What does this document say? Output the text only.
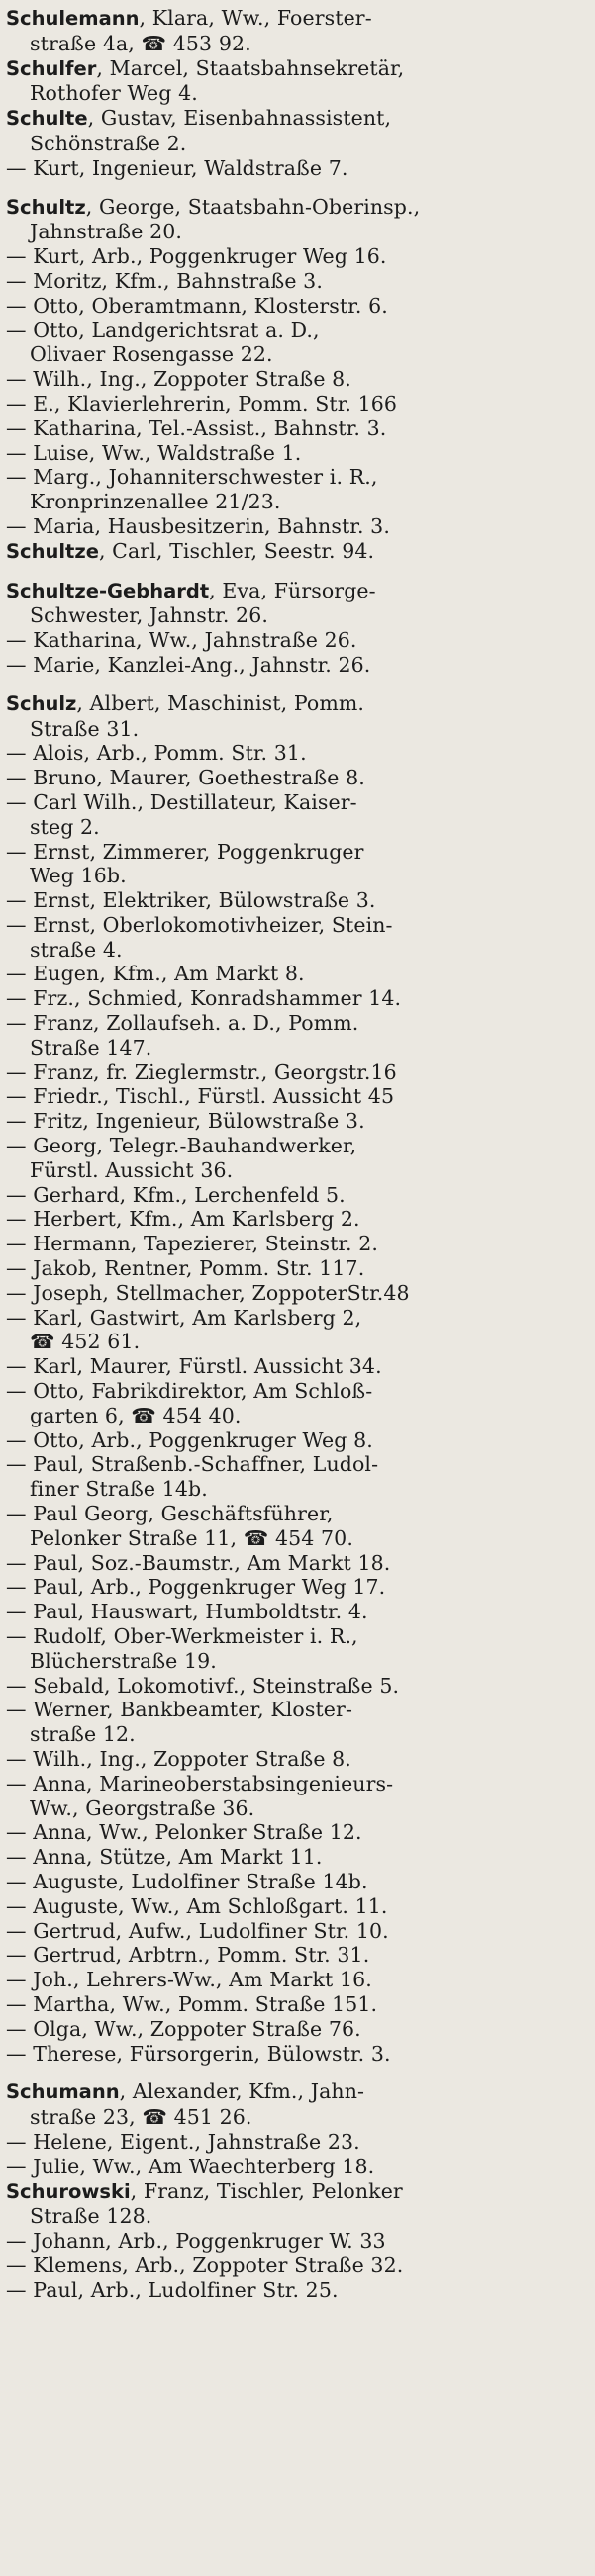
Schulemann, Klara, Ww., Foerster-
straße 4a, ☎ 453 92.
Schulfer, Marcel, Staatsbahnsekretär,
Rothofer Weg 4.
Schulte, Gustav, Eisenbahnassistent,
Schönstraße 2.
— Kurt, Ingenieur, Waldstraße 7.
Schultz, George, Staatsbahn-Oberinsp.,
Jahnstraße 20.
— Kurt, Arb., Poggenkruger Weg 16.
— Moritz, Kfm., Bahnstraße 3.
— Otto, Oberamtmann, Klosterstr. 6.
— Otto, Landgerichtsrat a. D.,
Olivaer Rosengasse 22.
— Wilh., Ing., Zoppoter Straße 8.
— E., Klavierlehrerin, Pomm. Str. 166
— Katharina, Tel.-Assist., Bahnstr. 3.
— Luise, Ww., Waldstraße 1.
— Marg., Johanniterschwester i. R.,
Kronprinzenallee 21/23.
— Maria, Hausbesitzerin, Bahnstr. 3.
Schultze, Carl, Tischler, Seestr. 94.
Schultze-Gebhardt, Eva, Fürsorge-
Schwester, Jahnstr. 26.
— Katharina, Ww., Jahnstraße 26.
— Marie, Kanzlei-Ang., Jahnstr. 26.
Schulz, Albert, Maschinist, Pomm.
Straße 31.
— Alois, Arb., Pomm. Str. 31.
— Bruno, Maurer, Goethestraße 8.
— Carl Wilh., Destillateur, Kaiser-
steg 2.
— Ernst, Zimmerer, Poggenkruger
Weg 16b.
— Ernst, Elektriker, Bülowstraße 3.
— Ernst, Oberlokomotivheizer, Stein-
straße 4.
— Eugen, Kfm., Am Markt 8.
— Frz., Schmied, Konradshammer 14.
— Franz, Zollaufseh. a. D., Pomm.
Straße 147.
— Franz, fr. Zieglermstr., Georgstr.16
— Friedr., Tischl., Fürstl. Aussicht 45
— Fritz, Ingenieur, Bülowstraße 3.
— Georg, Telegr.-Bauhandwerker,
Fürstl. Aussicht 36.
— Gerhard, Kfm., Lerchenfeld 5.
— Herbert, Kfm., Am Karlsberg 2.
— Hermann, Tapezierer, Steinstr. 2.
— Jakob, Rentner, Pomm. Str. 117.
— Joseph, Stellmacher, ZoppoterStr.48
— Karl, Gastwirt, Am Karlsberg 2,
☎ 452 61.
— Karl, Maurer, Fürstl. Aussicht 34.
— Otto, Fabrikdirektor, Am Schloß-
garten 6, ☎ 454 40.
— Otto, Arb., Poggenkruger Weg 8.
— Paul, Straßenb.-Schaffner, Ludol-
finer Straße 14b.
— Paul Georg, Geschäftsführer,
Pelonker Straße 11, ☎ 454 70.
— Paul, Soz.-Baumstr., Am Markt 18.
— Paul, Arb., Poggenkruger Weg 17.
— Paul, Hauswart, Humboldtstr. 4.
— Rudolf, Ober-Werkmeister i. R.,
Blücherstraße 19.
— Sebald, Lokomotivf., Steinstraße 5.
— Werner, Bankbeamter, Kloster-
straße 12.
— Wilh., Ing., Zoppoter Straße 8.
— Anna, Marineoberstabsingenieurs-
Ww., Georgstraße 36.
— Anna, Ww., Pelonker Straße 12.
— Anna, Stütze, Am Markt 11.
— Auguste, Ludolfiner Straße 14b.
— Auguste, Ww., Am Schloßgart. 11.
— Gertrud, Aufw., Ludolfiner Str. 10.
— Gertrud, Arbtrn., Pomm. Str. 31.
— Joh., Lehrers-Ww., Am Markt 16.
— Martha, Ww., Pomm. Straße 151.
— Olga, Ww., Zoppoter Straße 76.
— Therese, Fürsorgerin, Bülowstr. 3.
Schumann, Alexander, Kfm., Jahn-
straße 23, ☎ 451 26.
— Helene, Eigent., Jahnstraße 23.
— Julie, Ww., Am Waechterberg 18.
Schurowski, Franz, Tischler, Pelonker
Straße 128.
— Johann, Arb., Poggenkruger W. 33
— Klemens, Arb., Zoppoter Straße 32.
— Paul, Arb., Ludolfiner Str. 25.
